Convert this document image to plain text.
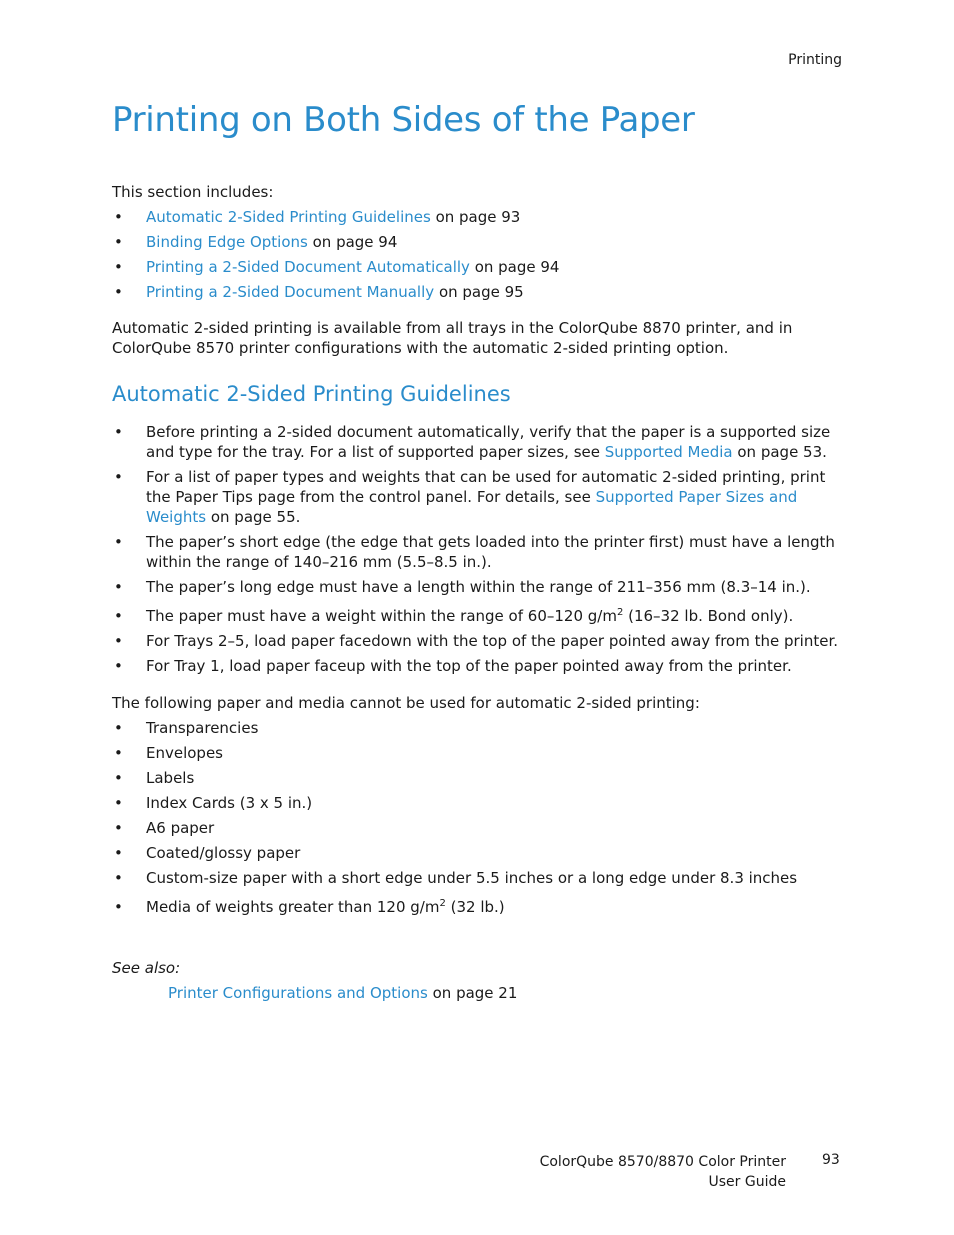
Printing
Printing on Both Sides of the Paper

This section includes:

• Automatic 2-Sided Printing Guidelines on page 93
• Binding Edge Options on page 94
• Printing a 2-Sided Document Automatically on page 94
• Printing a 2-Sided Document Manually on page 95

Automatic 2-sided printing is available from all trays in the ColorQube 8870 printer, and in ColorQube 8570 printer configurations with the automatic 2-sided printing option.

Automatic 2-Sided Printing Guidelines
• Before printing a 2-sided document automatically, verify that the paper is a supported size and type for the tray. For a list of supported paper sizes, see Supported Media on page 53.
• For a list of paper types and weights that can be used for automatic 2-sided printing, print the Paper Tips page from the control panel. For details, see Supported Paper Sizes and Weights on page 55.
• The paper’s short edge (the edge that gets loaded into the printer first) must have a length within the range of 140–216 mm (5.5–8.5 in.).
• The paper’s long edge must have a length within the range of 211–356 mm (8.3–14 in.).
• The paper must have a weight within the range of 60–120 $g/m^2$ (16–32 lb. Bond only).
• For Trays 2–5, load paper facedown with the top of the paper pointed away from the printer.
• For Tray 1, load paper faceup with the top of the paper pointed away from the printer.

The following paper and media cannot be used for automatic 2-sided printing:

• Transparencies
• Envelopes
• Labels
• Index Cards (3 x 5 in.)
• A6 paper
• Coated/glossy paper
• Custom-size paper with a short edge under 5.5 inches or a long edge under 8.3 inches
• Media of weights greater than 120 $g/m^2$ (32 lb.)
See also:
Printer Configurations and Options on page 21
ColorQube 8570/8870 Color Printer
User Guide
93
